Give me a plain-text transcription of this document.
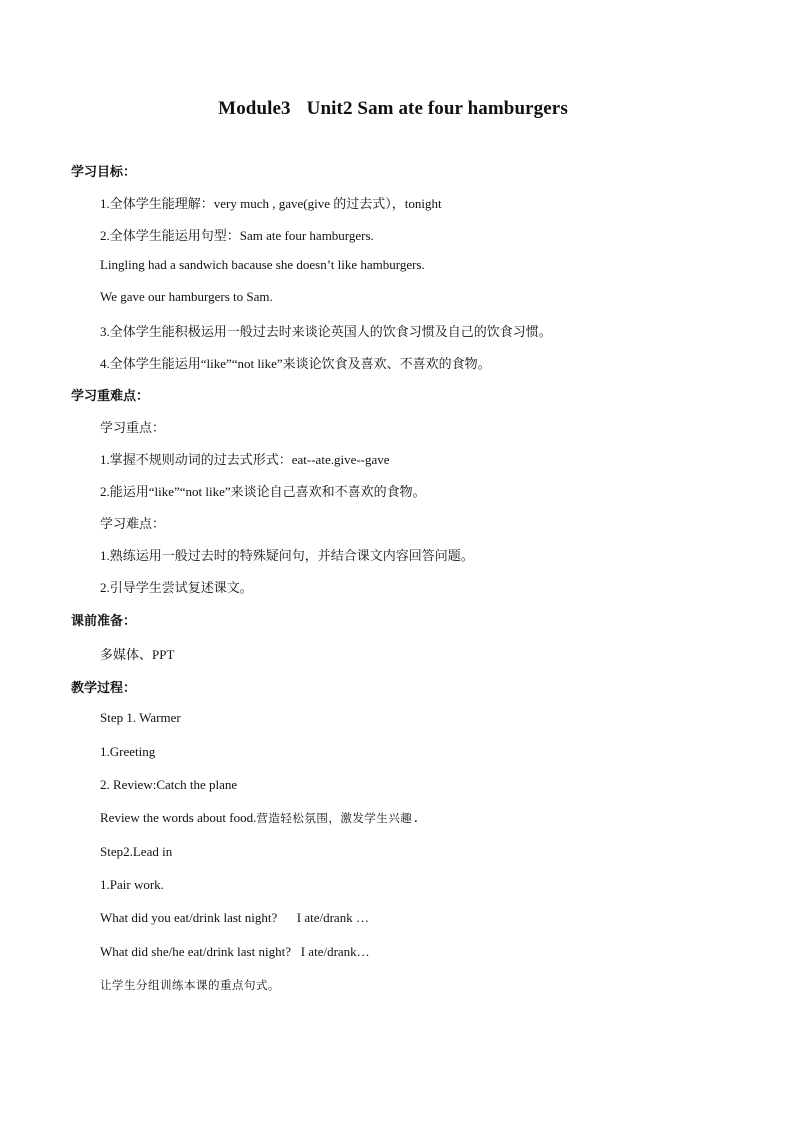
Module3 Unit2 Sam ate four hamburgers
学习目标：
1.全体学生能理解：very much , gave(give 的过去式），tonight
2.全体学生能运用句型：Sam ate four hamburgers.
Lingling had a sandwich bacause she doesn’t like hamburgers.
We gave our hamburgers to Sam.
3.全体学生能积极运用一般过去时来谈论英国人的饮食习惯及自己的饮食习惯。
4.全体学生能运用“like”“not like”来谈论饮食及喜欢、不喜欢的食物。
学习重难点：
学习重点：
1.掌握不规则动词的过去式形式：eat--ate.give--gave
2.能运用“like”“not like”来谈论自己喜欢和不喜欢的食物。
学习难点：
1.熟练运用一般过去时的特殊疑问句，并结合课文内容回答问题。
2.引导学生尝试复述课文。
课前准备：
多媒体、PPT
教学过程：
Step 1. Warmer
1.Greeting
2. Review:Catch the plane
Review the words about food.营造轻松氛围，激发学生兴趣.
Step2.Lead in
1.Pair work.
What did you eat/drink last night?      I ate/drank …
What did she/he eat/drink last night?   I ate/drank…
让学生分组训练本课的重点句式。
